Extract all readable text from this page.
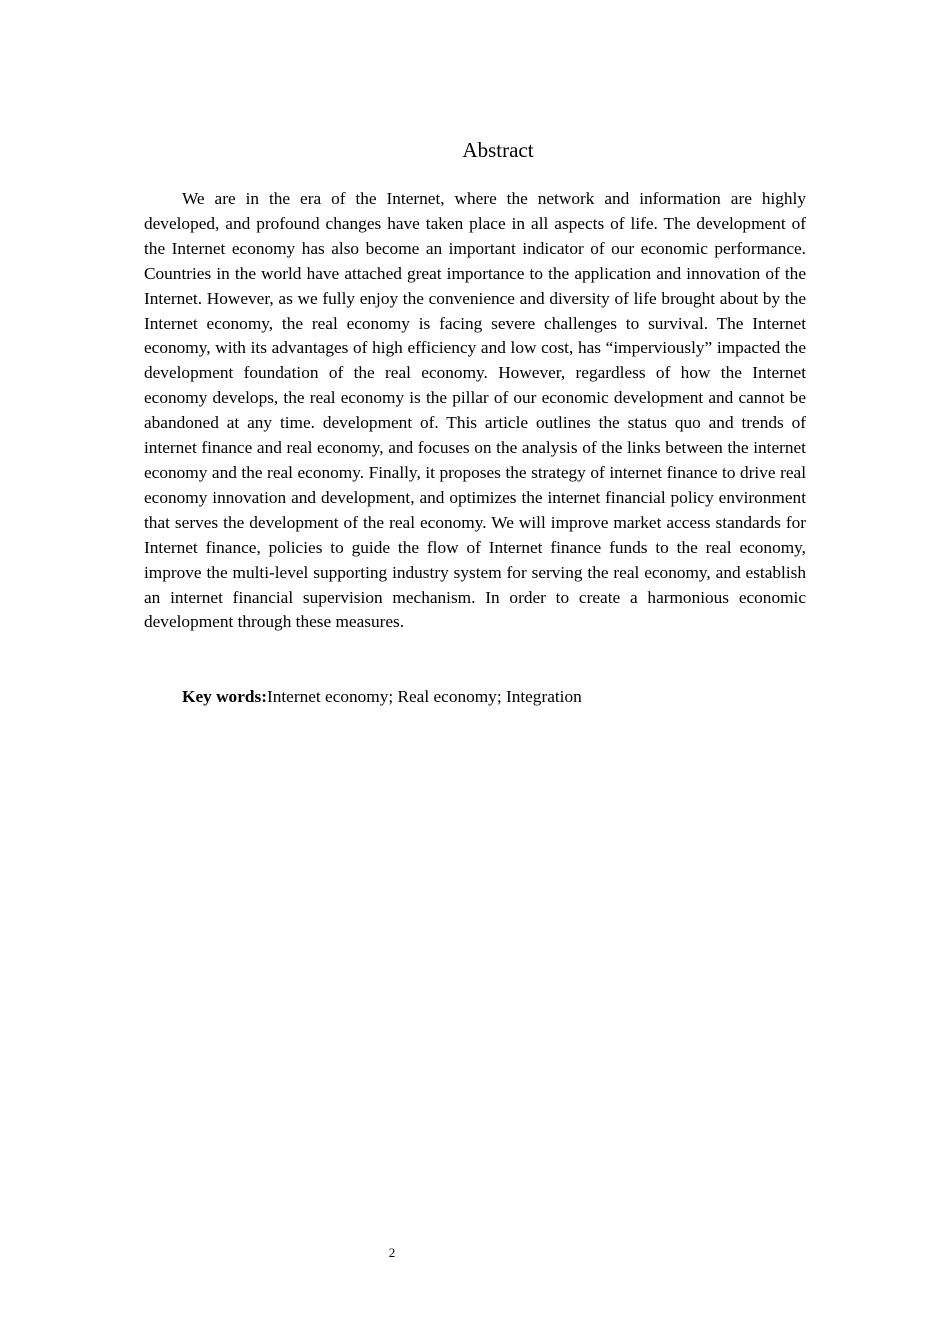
Abstract

We are in the era of the Internet, where the network and information are highly developed, and profound changes have taken place in all aspects of life. The development of the Internet economy has also become an important indicator of our economic performance. Countries in the world have attached great importance to the application and innovation of the Internet. However, as we fully enjoy the convenience and diversity of life brought about by the Internet economy, the real economy is facing severe challenges to survival. The Internet economy, with its advantages of high efficiency and low cost, has “imperviously” impacted the development foundation of the real economy. However, regardless of how the Internet economy develops, the real economy is the pillar of our economic development and cannot be abandoned at any time. development of. This article outlines the status quo and trends of internet finance and real economy, and focuses on the analysis of the links between the internet economy and the real economy. Finally, it proposes the strategy of internet finance to drive real economy innovation and development, and optimizes the internet financial policy environment that serves the development of the real economy. We will improve market access standards for Internet finance, policies to guide the flow of Internet finance funds to the real economy, improve the multi-level supporting industry system for serving the real economy, and establish an internet financial supervision mechanism. In order to create a harmonious economic development through these measures.

Key words:Internet economy; Real economy; Integration

2
